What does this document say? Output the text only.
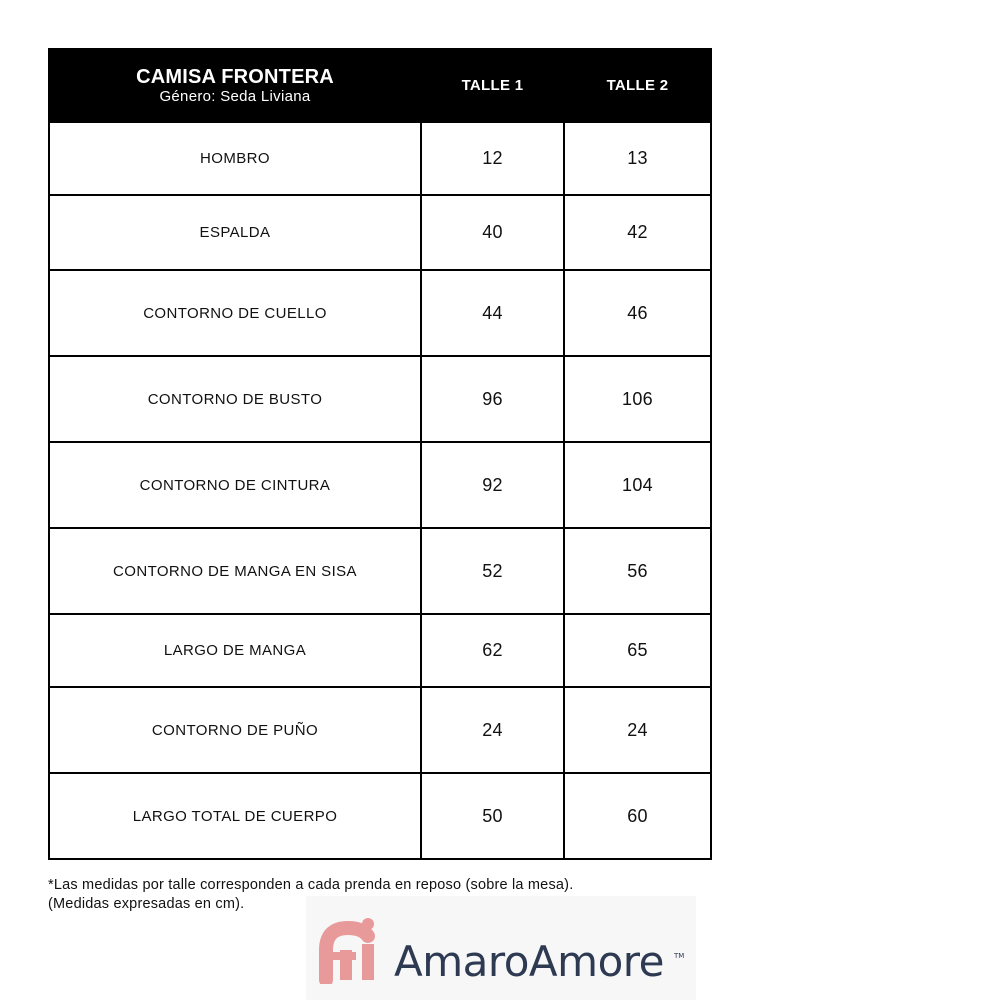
CAMISA FRONTERA
Género: Seda Liviana	TALLE 1	TALLE 2
HOMBRO	12	13
ESPALDA	40	42
CONTORNO DE CUELLO	44	46
CONTORNO DE BUSTO	96	106
CONTORNO DE CINTURA	92	104
CONTORNO DE MANGA EN SISA	52	56
LARGO DE MANGA	62	65
CONTORNO DE PUÑO	24	24
LARGO TOTAL DE CUERPO	50	60
*Las medidas por talle corresponden a cada prenda en reposo (sobre la mesa).
(Medidas expresadas en cm).
AmaroAmore TM
